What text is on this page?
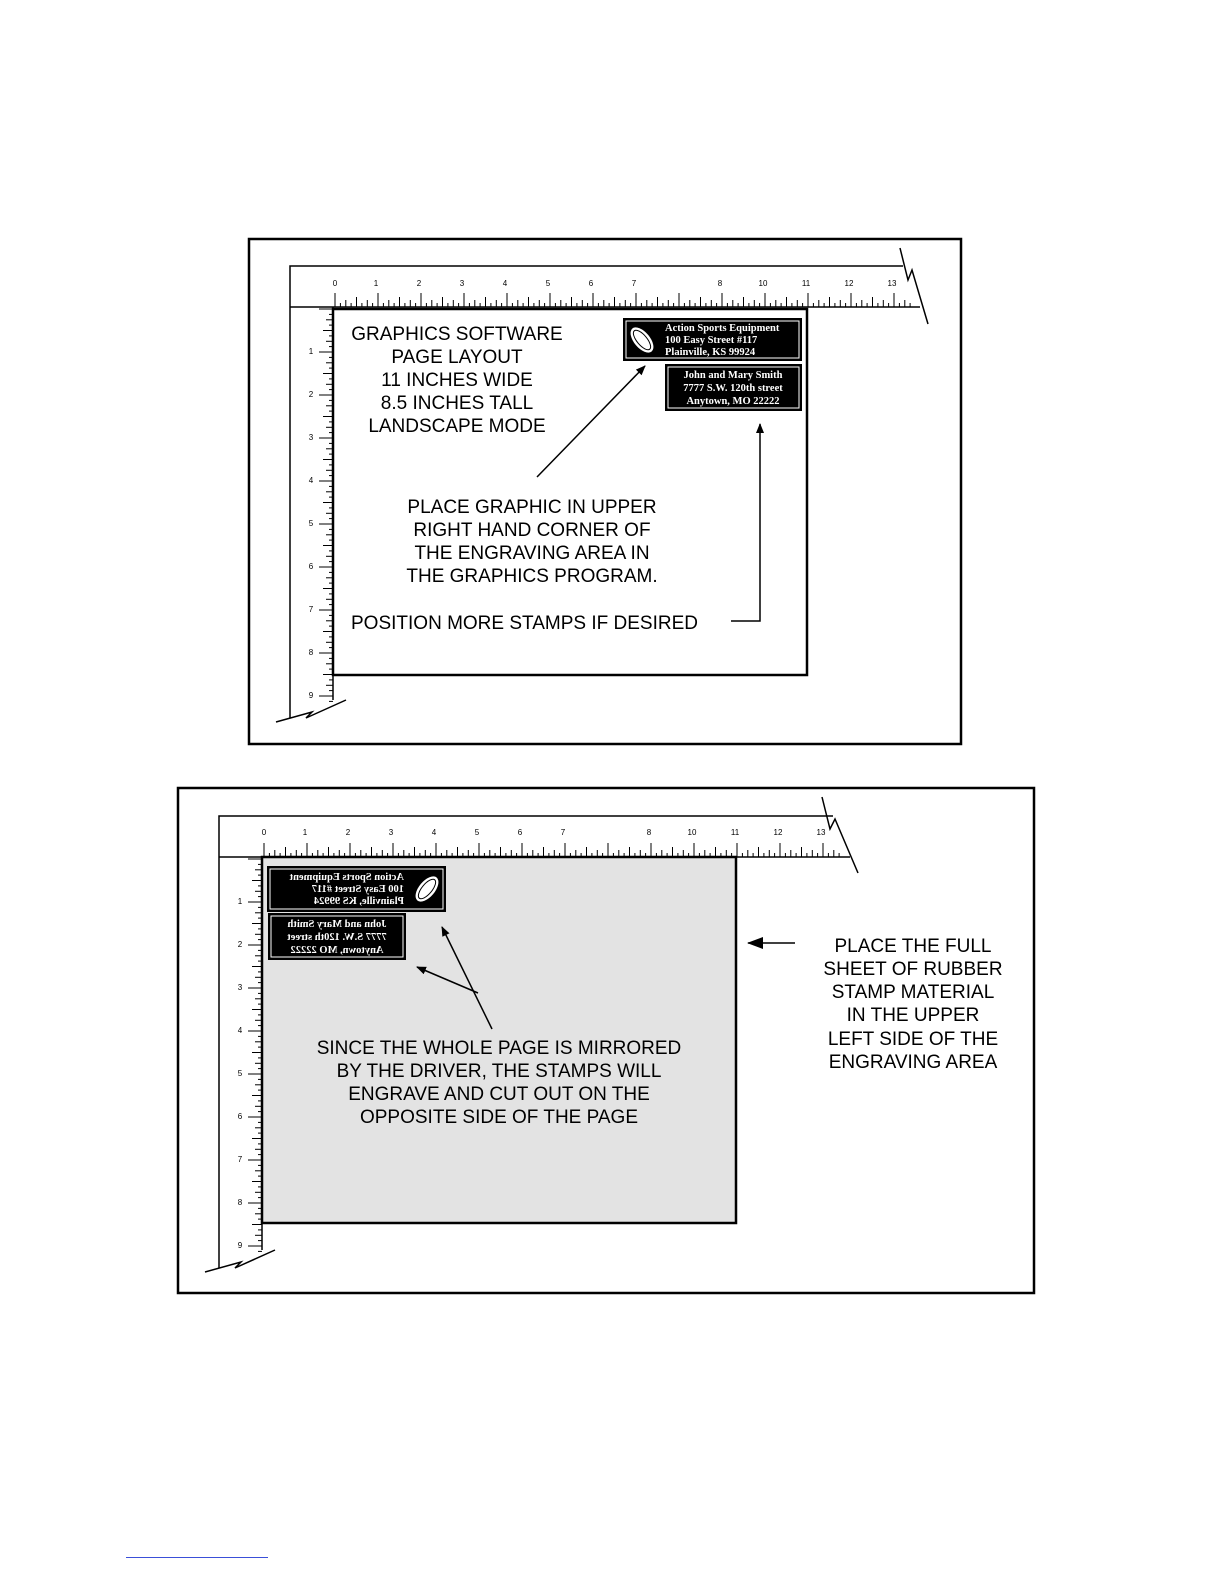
0	1	2	3	4	5	6	7	8	10	11	12	13
1
2
3
4
5
6
7
8
9
GRAPHICS SOFTWARE
PAGE LAYOUT
11 INCHES WIDE
8.5 INCHES TALL
LANDSCAPE MODE
PLACE GRAPHIC IN UPPER
RIGHT HAND CORNER OF
THE ENGRAVING AREA IN
THE GRAPHICS PROGRAM.
POSITION MORE STAMPS IF DESIRED
Action Sports Equipment
100 Easy Street #117
Plainville, KS 99924
John and Mary Smith
7777 S.W. 120th street
Anytown, MO 22222
0	1	2	3	4	5	6	7	8	10	11	12	13
1
2
3
4
5
6
7
8
9
Action Sports Equipment
100 Easy Street #117
Plainville, KS 99924
John and Mary Smith
7777 S.W. 120th street
Anytown, MO 22222
SINCE THE WHOLE PAGE IS MIRRORED
BY THE DRIVER, THE STAMPS WILL
ENGRAVE AND CUT OUT ON THE
OPPOSITE SIDE OF THE PAGE
PLACE THE FULL
SHEET OF RUBBER
STAMP MATERIAL
IN THE UPPER
LEFT SIDE OF THE
ENGRAVING AREA
